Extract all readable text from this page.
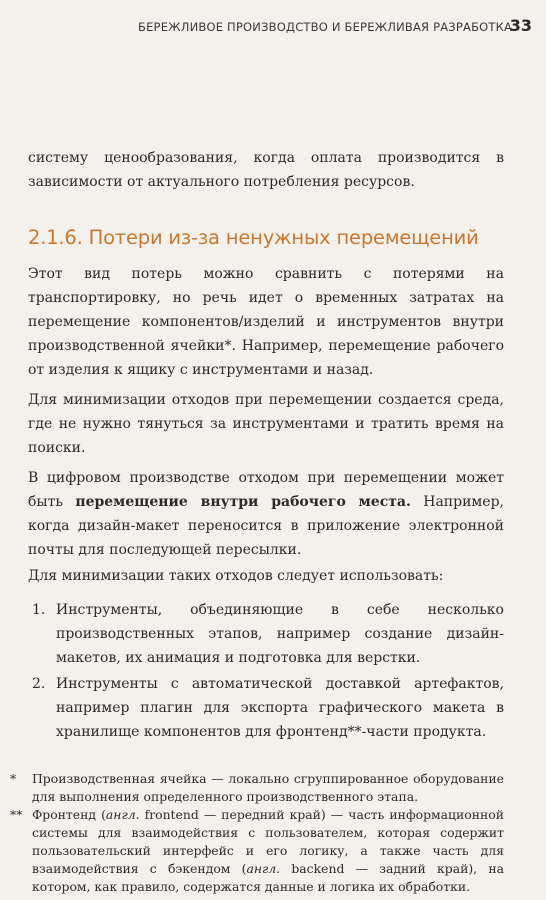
БЕРЕЖЛИВОЕ ПРОИЗВОДСТВО И БЕРЕЖЛИВАЯ РАЗРАБОТКА
33

систему ценообразования, когда оплата производится в зависимости от актуального потребления ресурсов.

2.1.6. Потери из-за ненужных перемещений

Этот вид потерь можно сравнить с потерями на транспортировку, но речь идет о временных затратах на перемещение компонентов/изделий и инструментов внутри производственной ячейки*. Например, перемещение рабочего от изделия к ящику с инструментами и назад.

Для минимизации отходов при перемещении создается среда, где не нужно тянуться за инструментами и тратить время на поиски.

В цифровом производстве отходом при перемещении может быть перемещение внутри рабочего места. Например, когда дизайн-макет переносится в приложение электронной почты для последующей пересылки.

Для минимизации таких отходов следует использовать:

1. Инструменты, объединяющие в себе несколько производственных этапов, например создание дизайн-макетов, их анимация и подготовка для верстки.
2. Инструменты с автоматической доставкой артефактов, например плагин для экспорта графического макета в хранилище компонентов для фронтенд**-части продукта.
* Производственная ячейка — локально сгруппированное оборудование для выполнения определенного производственного этапа.
** Фронтенд (англ. frontend — передний край) — часть информационной системы для взаимодействия с пользователем, которая содержит пользовательский интерфейс и его логику, а также часть для взаимодействия с бэкендом (англ. backend — задний край), на котором, как правило, содержатся данные и логика их обработки.
